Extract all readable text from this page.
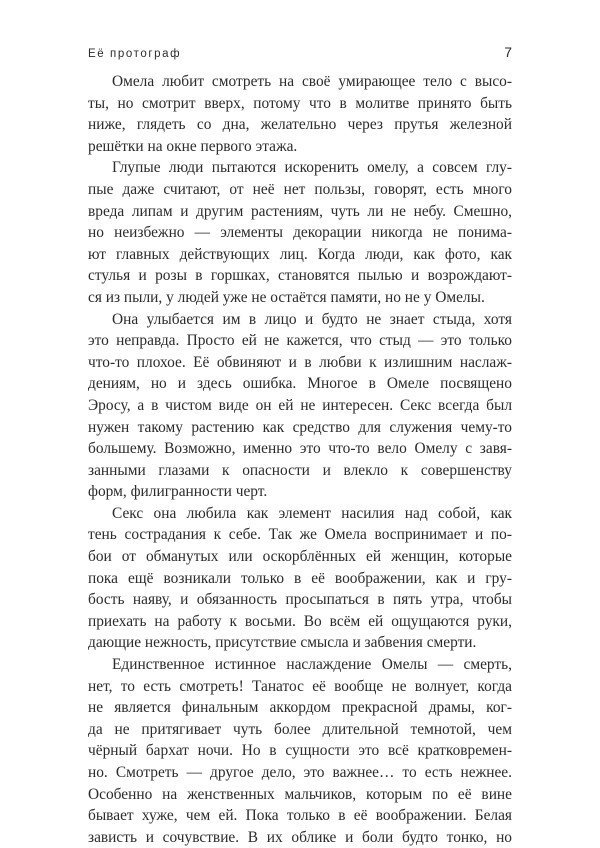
Её протограф	7
Омела любит смотреть на своё умирающее тело с высо-
ты, но смотрит вверх, потому что в молитве принято быть
ниже, глядеть со дна, желательно через прутья железной
решётки на окне первого этажа.
Глупые люди пытаются искоренить омелу, а совсем глу-
пые даже считают, от неё нет пользы, говорят, есть много
вреда липам и другим растениям, чуть ли не небу. Смешно,
но неизбежно — элементы декорации никогда не понима-
ют главных действующих лиц. Когда люди, как фото, как
стулья и розы в горшках, становятся пылью и возрождают-
ся из пыли, у людей уже не остаётся памяти, но не у Омелы.
Она улыбается им в лицо и будто не знает стыда, хотя
это неправда. Просто ей не кажется, что стыд — это только
что-то плохое. Её обвиняют и в любви к излишним наслаж-
дениям, но и здесь ошибка. Многое в Омеле посвящено
Эросу, а в чистом виде он ей не интересен. Секс всегда был
нужен такому растению как средство для служения чему-то
большему. Возможно, именно это что-то вело Омелу с завя-
занными глазами к опасности и влекло к совершенству
форм, филигранности черт.
Секс она любила как элемент насилия над собой, как
тень сострадания к себе. Так же Омела воспринимает и по-
бои от обманутых или оскорблённых ей женщин, которые
пока ещё возникали только в её воображении, как и гру-
бость наяву, и обязанность просыпаться в пять утра, чтобы
приехать на работу к восьми. Во всём ей ощущаются руки,
дающие нежность, присутствие смысла и забвения смерти.
Единственное истинное наслаждение Омелы — смерть,
нет, то есть смотреть! Танатос её вообще не волнует, когда
не является финальным аккордом прекрасной драмы, ког-
да не притягивает чуть более длительной темнотой, чем
чёрный бархат ночи. Но в сущности это всё кратковремен-
но. Смотреть — другое дело, это важнее… то есть нежнее.
Особенно на женственных мальчиков, которым по её вине
бывает хуже, чем ей. Пока только в её воображении. Белая
зависть и сочувствие. В их облике и боли будто тонко, но
